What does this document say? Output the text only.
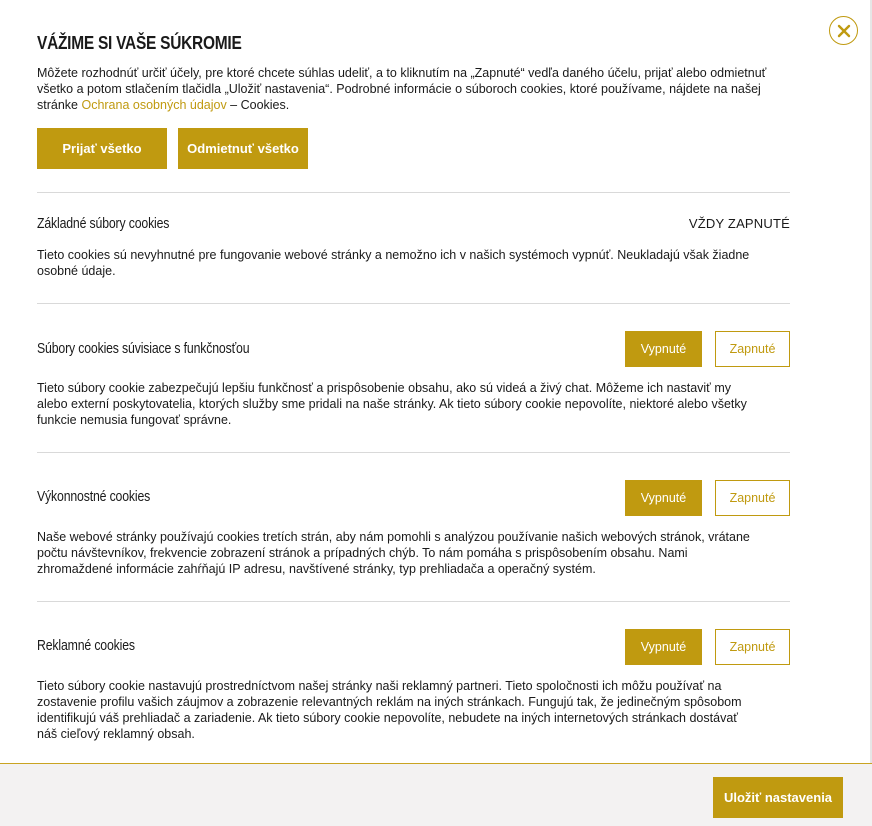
VÁŽIME SI VAŠE SÚKROMIE
Môžete rozhodnúť určiť účely, pre ktoré chcete súhlas udeliť, a to kliknutím na „Zapnuté“ vedľa daného účelu, prijať alebo odmietnuť všetko a potom stlačením tlačidla „Uložiť nastavenia“. Podrobné informácie o súboroch cookies, ktoré používame, nájdete na našej stránke Ochrana osobných údajov – Cookies.
Prijať všetko	Odmietnuť všetko
Základné súbory cookies	VŽDY ZAPNUTÉ
Tieto cookies sú nevyhnutné pre fungovanie webové stránky a nemožno ich v našich systémoch vypnúť. Neukladajú však žiadne osobné údaje.
Súbory cookies súvisiace s funkčnosťou	Vypnuté	Zapnuté
Tieto súbory cookie zabezpečujú lepšiu funkčnosť a prispôsobenie obsahu, ako sú videá a živý chat. Môžeme ich nastaviť my alebo externí poskytovatelia, ktorých služby sme pridali na naše stránky. Ak tieto súbory cookie nepovolíte, niektoré alebo všetky funkcie nemusia fungovať správne.
Výkonnostné cookies	Vypnuté	Zapnuté
Naše webové stránky používajú cookies tretích strán, aby nám pomohli s analýzou používanie našich webových stránok, vrátane počtu návštevníkov, frekvencie zobrazení stránok a prípadných chýb. To nám pomáha s prispôsobením obsahu. Nami zhromaždené informácie zahŕňajú IP adresu, navštívené stránky, typ prehliadača a operačný systém.
Reklamné cookies	Vypnuté	Zapnuté
Tieto súbory cookie nastavujú prostredníctvom našej stránky naši reklamný partneri. Tieto spoločnosti ich môžu používať na zostavenie profilu vašich záujmov a zobrazenie relevantných reklám na iných stránkach. Fungujú tak, že jedinečným spôsobom identifikujú váš prehliadač a zariadenie. Ak tieto súbory cookie nepovolíte, nebudete na iných internetových stránkach dostávať náš cieľový reklamný obsah.
Uložiť nastavenia
